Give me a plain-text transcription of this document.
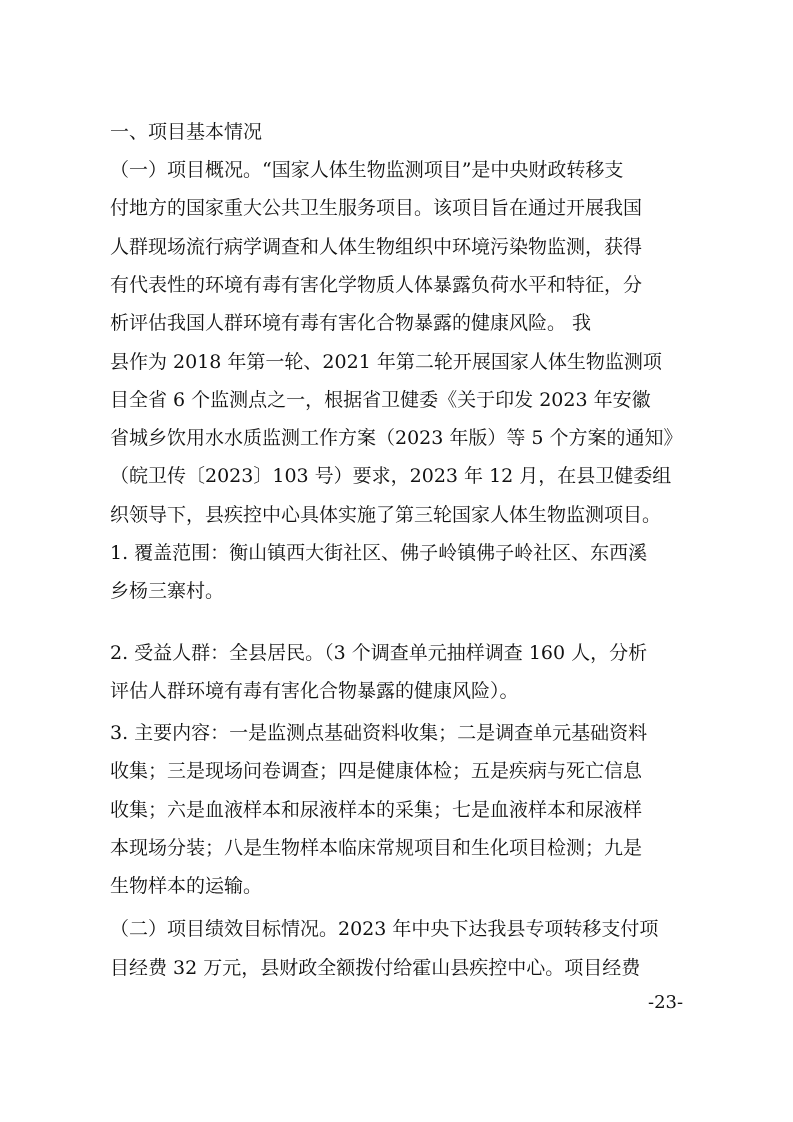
一、项目基本情况
（一）项目概况。“国家人体生物监测项目”是中央财政转移支
付地方的国家重大公共卫生服务项目。该项目旨在通过开展我国
人群现场流行病学调查和人体生物组织中环境污染物监测，获得
有代表性的环境有毒有害化学物质人体暴露负荷水平和特征，分
析评估我国人群环境有毒有害化合物暴露的健康风险。 我
县作为 2018 年第一轮、2021 年第二轮开展国家人体生物监测项
目全省 6 个监测点之一，根据省卫健委《关于印发 2023 年安徽
省城乡饮用水水质监测工作方案（2023 年版）等 5 个方案的通知》
（皖卫传〔2023〕103 号）要求，2023 年 12 月，在县卫健委组
织领导下，县疾控中心具体实施了第三轮国家人体生物监测项目。
1. 覆盖范围：衡山镇西大街社区、佛子岭镇佛子岭社区、东西溪
乡杨三寨村。
2. 受益人群：全县居民。（3 个调查单元抽样调查 160 人，分析
评估人群环境有毒有害化合物暴露的健康风险）。
3. 主要内容：一是监测点基础资料收集；二是调查单元基础资料
收集；三是现场问卷调查；四是健康体检；五是疾病与死亡信息
收集；六是血液样本和尿液样本的采集；七是血液样本和尿液样
本现场分装；八是生物样本临床常规项目和生化项目检测；九是
生物样本的运输。
（二）项目绩效目标情况。2023 年中央下达我县专项转移支付项
目经费 32 万元，县财政全额拨付给霍山县疾控中心。项目经费
-23-
